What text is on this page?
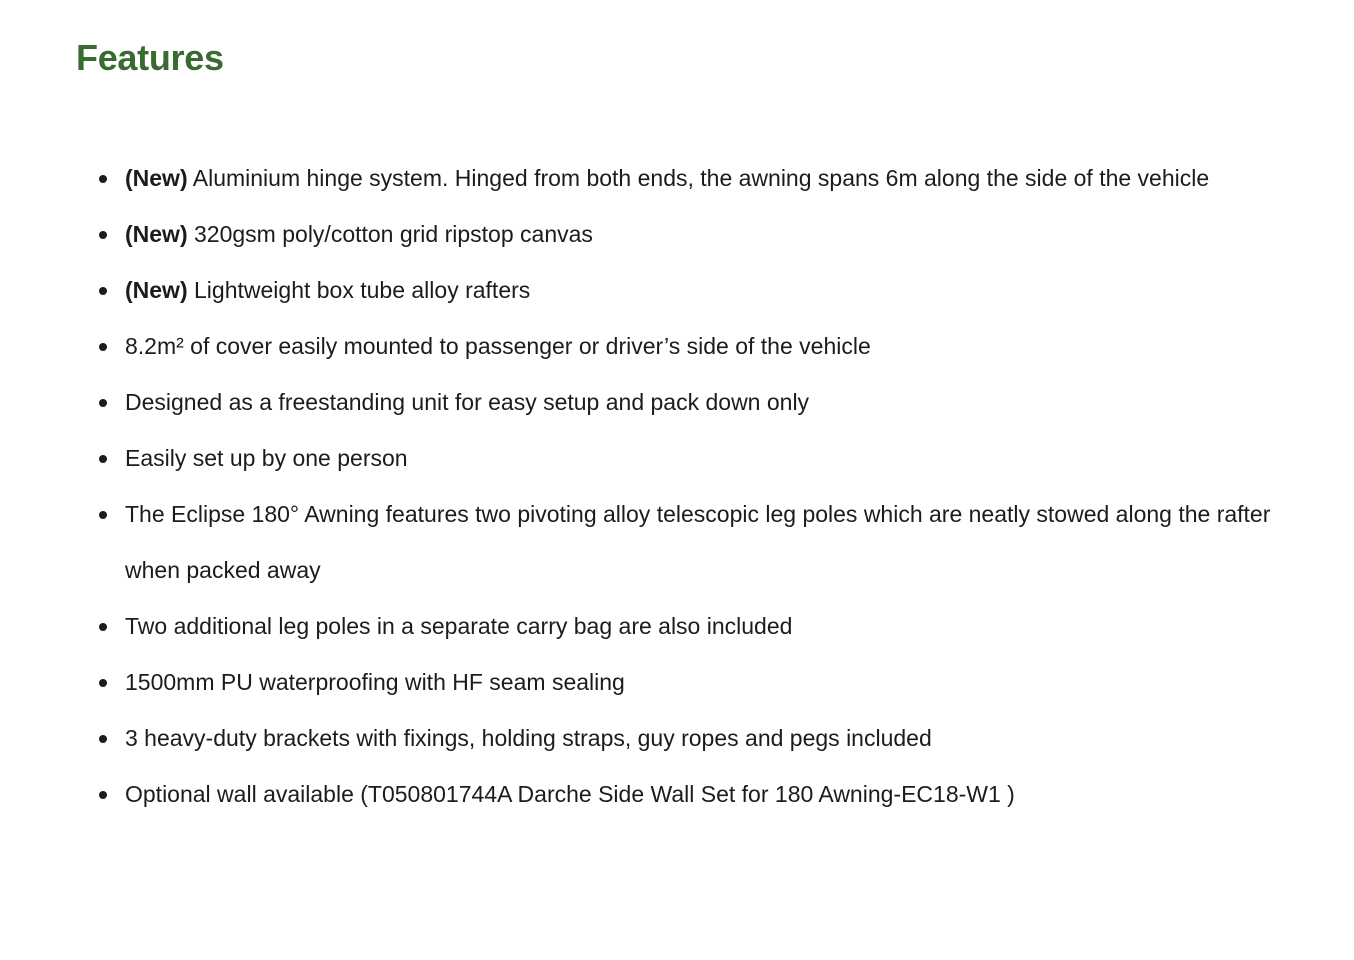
Features
(New) Aluminium hinge system. Hinged from both ends, the awning spans 6m along the side of the vehicle
(New) 320gsm poly/cotton grid ripstop canvas
(New) Lightweight box tube alloy rafters
8.2m² of cover easily mounted to passenger or driver’s side of the vehicle
Designed as a freestanding unit for easy setup and pack down only
Easily set up by one person
The Eclipse 180° Awning features two pivoting alloy telescopic leg poles which are neatly stowed along the rafter when packed away
Two additional leg poles in a separate carry bag are also included
1500mm PU waterproofing with HF seam sealing
3 heavy-duty brackets with fixings, holding straps, guy ropes and pegs included
Optional wall available (T050801744A Darche Side Wall Set for 180 Awning-EC18-W1 )
